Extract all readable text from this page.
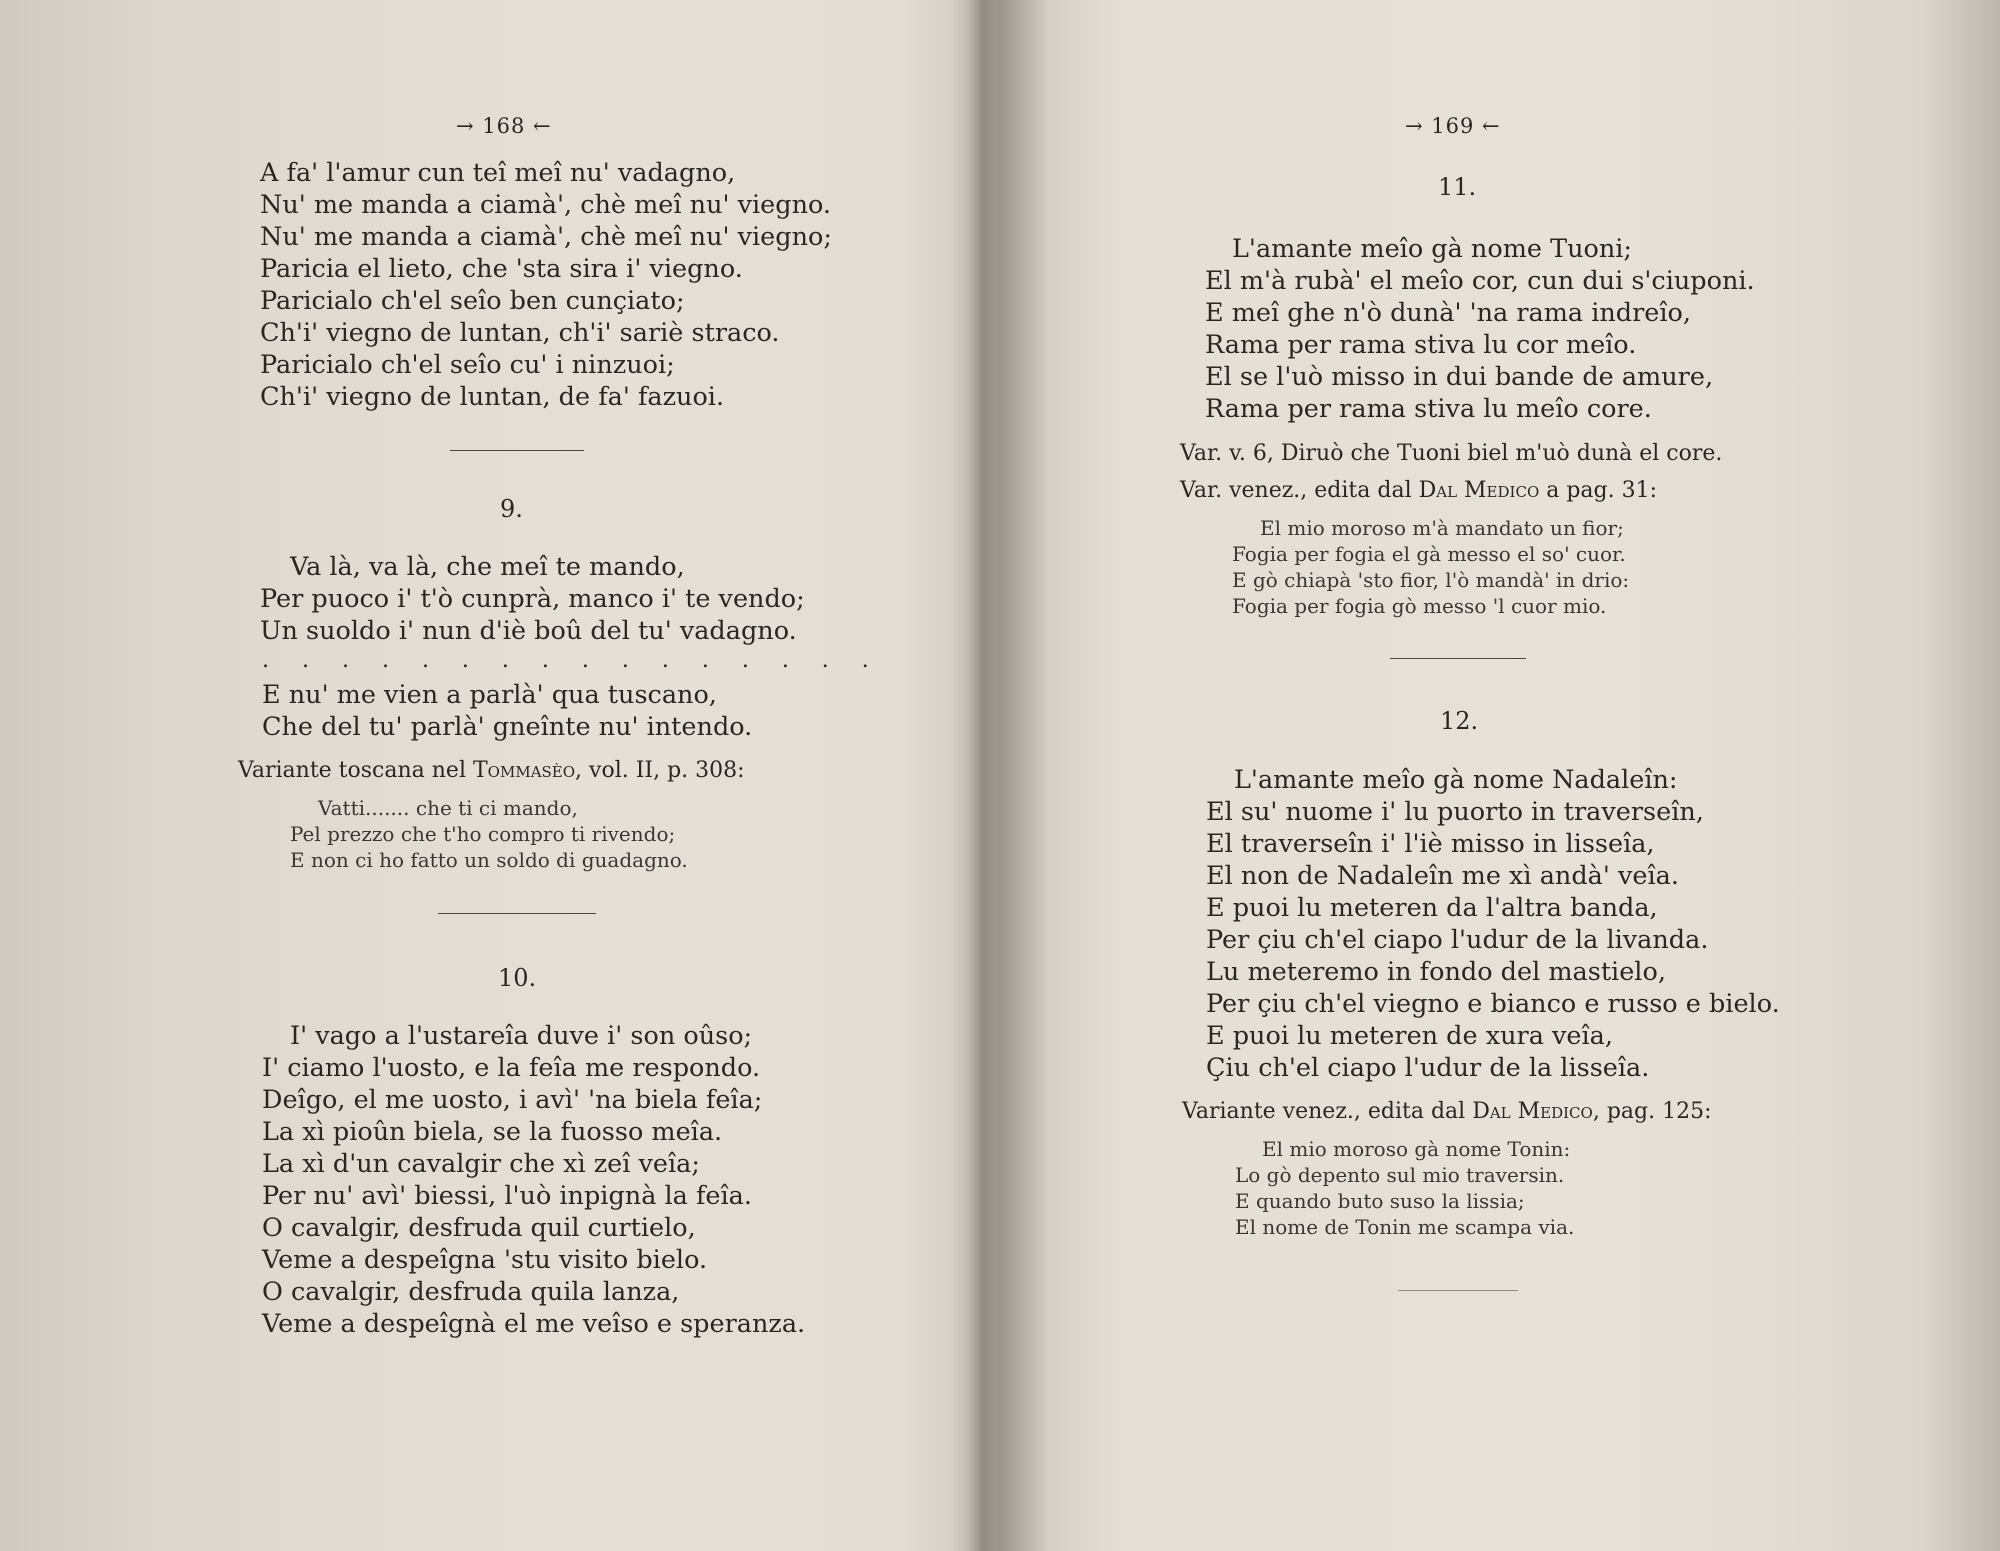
→ 168 ←
A fa' l'amur cun teî meî nu' vadagno,
Nu' me manda a ciamà', chè meî nu' viegno.
Nu' me manda a ciamà', chè meî nu' viegno;
Paricia el lieto, che 'sta sira i' viegno.
Paricialo ch'el seîo ben cunçiato;
Ch'i' viegno de luntan, ch'i' sariè straco.
Paricialo ch'el seîo cu' i ninzuoi;
Ch'i' viegno de luntan, de fa' fazuoi.
9.
Va là, va là, che meî te mando,
Per puoco i' t'ò cunprà, manco i' te vendo;
Un suoldo i' nun d'iè boû del tu' vadagno.
. . . . . . . . . . . . . . . .
E nu' me vien a parlà' qua tuscano,
Che del tu' parlà' gneînte nu' intendo.
Variante toscana nel Tommasèo, vol. II, p. 308:
Vatti....... che ti ci mando,
Pel prezzo che t'ho compro ti rivendo;
E non ci ho fatto un soldo di guadagno.
10.
I' vago a l'ustareîa duve i' son oûso;
I' ciamo l'uosto, e la feîa me respondo.
Deîgo, el me uosto, i avì' 'na biela feîa;
La xì pioûn biela, se la fuosso meîa.
La xì d'un cavalgir che xì zeî veîa;
Per nu' avì' biessi, l'uò inpignà la feîa.
O cavalgir, desfruda quil curtielo,
Veme a despeîgna 'stu visito bielo.
O cavalgir, desfruda quila lanza,
Veme a despeîgnà el me veîso e speranza.
→ 169 ←
11.
L'amante meîo gà nome Tuoni;
El m'à rubà' el meîo cor, cun dui s'ciuponi.
E meî ghe n'ò dunà' 'na rama indreîo,
Rama per rama stiva lu cor meîo.
El se l'uò misso in dui bande de amure,
Rama per rama stiva lu meîo core.
Var. v. 6, Diruò che Tuoni biel m'uò dunà el core.
Var. venez., edita dal Dal Medico a pag. 31:
El mio moroso m'à mandato un fior;
Fogia per fogia el gà messo el so' cuor.
E gò chiapà 'sto fior, l'ò mandà' in drio:
Fogia per fogia gò messo 'l cuor mio.
12.
L'amante meîo gà nome Nadaleîn:
El su' nuome i' lu puorto in traverseîn,
El traverseîn i' l'iè misso in lisseîa,
El non de Nadaleîn me xì andà' veîa.
E puoi lu meteren da l'altra banda,
Per çiu ch'el ciapo l'udur de la livanda.
Lu meteremo in fondo del mastielo,
Per çiu ch'el viegno e bianco e russo e bielo.
E puoi lu meteren de xura veîa,
Çiu ch'el ciapo l'udur de la lisseîa.
Variante venez., edita dal Dal Medico, pag. 125:
El mio moroso gà nome Tonin:
Lo gò depento sul mio traversin.
E quando buto suso la lissia;
El nome de Tonin me scampa via.
